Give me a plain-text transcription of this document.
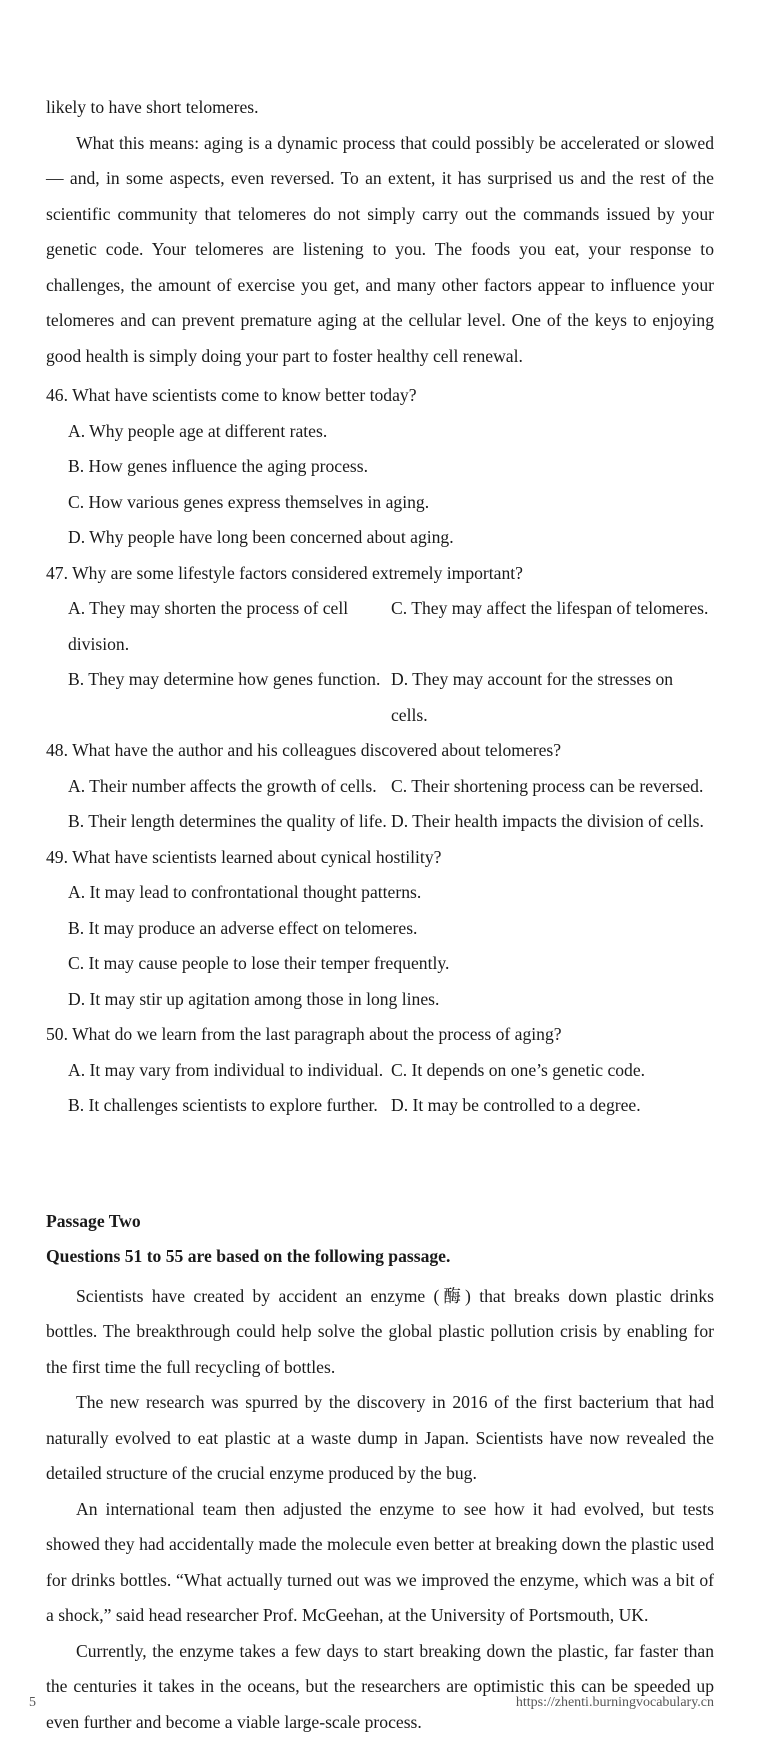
likely to have short telomeres.

What this means: aging is a dynamic process that could possibly be accelerated or slowed — and, in some aspects, even reversed. To an extent, it has surprised us and the rest of the scientific community that telomeres do not simply carry out the commands issued by your genetic code. Your telomeres are listening to you. The foods you eat, your response to challenges, the amount of exercise you get, and many other factors appear to influence your telomeres and can prevent premature aging at the cellular level. One of the keys to enjoying good health is simply doing your part to foster healthy cell renewal.

46. What have scientists come to know better today?

A. Why people age at different rates.

B. How genes influence the aging process.

C. How various genes express themselves in aging.

D. Why people have long been concerned about aging.

47. Why are some lifestyle factors considered extremely important?

A. They may shorten the process of cell division.
C. They may affect the lifespan of telomeres.
B. They may determine how genes function. D. They may account for the stresses on cells.

48. What have the author and his colleagues discovered about telomeres?

A. Their number affects the growth of cells. C. Their shortening process can be reversed.
B. Their length determines the quality of life. D. Their health impacts the division of cells.

49. What have scientists learned about cynical hostility?

A. It may lead to confrontational thought patterns.

B. It may produce an adverse effect on telomeres.

C. It may cause people to lose their temper frequently.

D. It may stir up agitation among those in long lines.

50. What do we learn from the last paragraph about the process of aging?

A. It may vary from individual to individual. C. It depends on one’s genetic code.
B. It challenges scientists to explore further. D. It may be controlled to a degree.

Passage Two

Questions 51 to 55 are based on the following passage.

Scientists have created by accident an enzyme (酶) that breaks down plastic drinks bottles. The breakthrough could help solve the global plastic pollution crisis by enabling for the first time the full recycling of bottles.

The new research was spurred by the discovery in 2016 of the first bacterium that had naturally evolved to eat plastic at a waste dump in Japan. Scientists have now revealed the detailed structure of the crucial enzyme produced by the bug.

An international team then adjusted the enzyme to see how it had evolved, but tests showed they had accidentally made the molecule even better at breaking down the plastic used for drinks bottles. “What actually turned out was we improved the enzyme, which was a bit of a shock,” said head researcher Prof. McGeehan, at the University of Portsmouth, UK.

Currently, the enzyme takes a few days to start breaking down the plastic, far faster than the centuries it takes in the oceans, but the researchers are optimistic this can be speeded up even further and become a viable large-scale process.

5	https://zhenti.burningvocabulary.cn
